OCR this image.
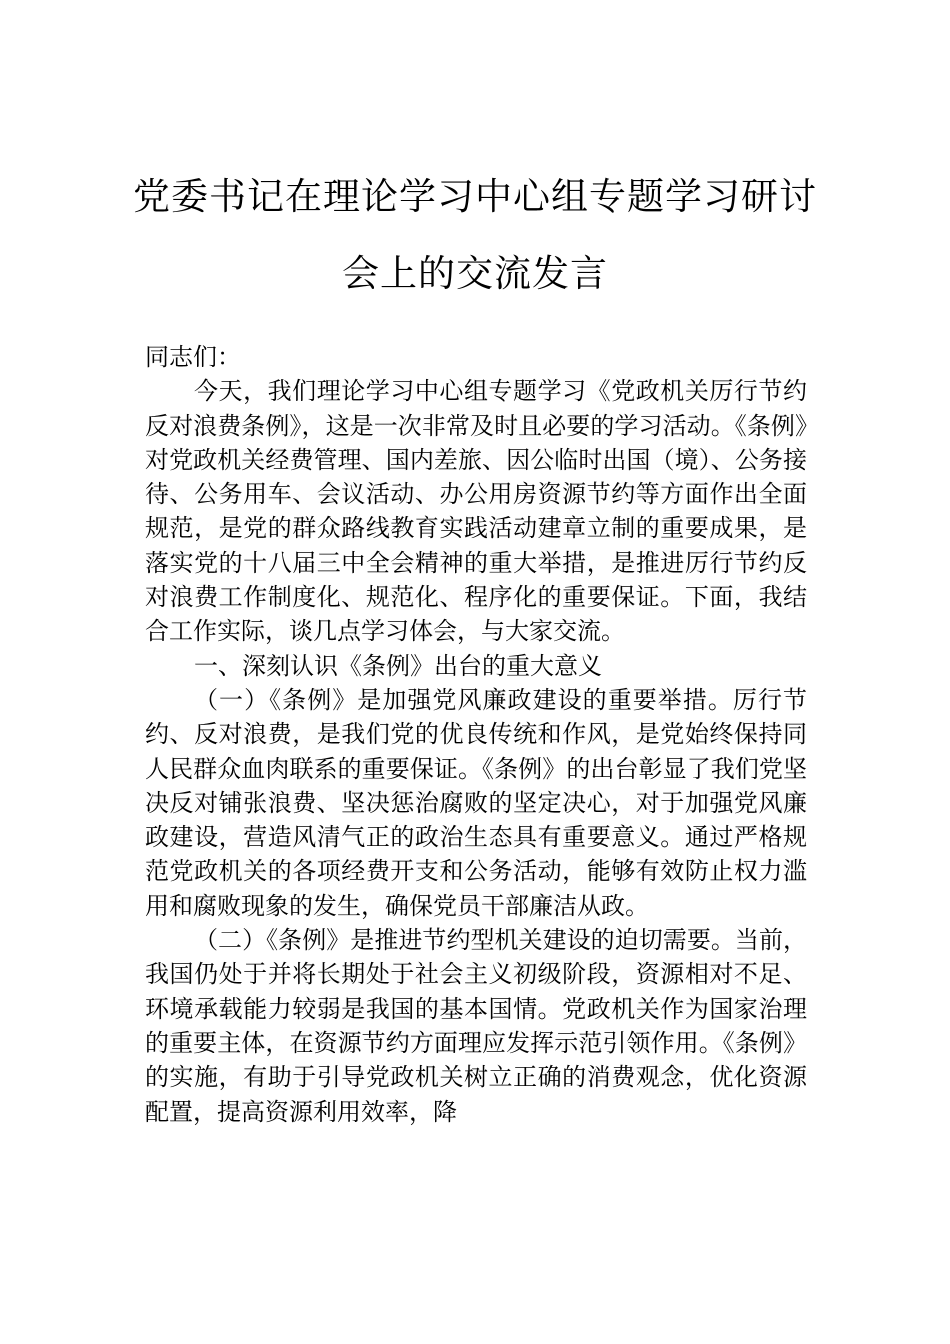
党委书记在理论学习中心组专题学习研讨
会上的交流发言

同志们：

今天，我们理论学习中心组专题学习《党政机关厉行节约反对浪费条例》，这是一次非常及时且必要的学习活动。《条例》对党政机关经费管理、国内差旅、因公临时出国（境）、公务接待、公务用车、会议活动、办公用房资源节约等方面作出全面规范，是党的群众路线教育实践活动建章立制的重要成果，是落实党的十八届三中全会精神的重大举措，是推进厉行节约反对浪费工作制度化、规范化、程序化的重要保证。下面，我结合工作实际，谈几点学习体会，与大家交流。

一、深刻认识《条例》出台的重大意义

（一）《条例》是加强党风廉政建设的重要举措。厉行节约、反对浪费，是我们党的优良传统和作风，是党始终保持同人民群众血肉联系的重要保证。《条例》的出台彰显了我们党坚决反对铺张浪费、坚决惩治腐败的坚定决心，对于加强党风廉政建设，营造风清气正的政治生态具有重要意义。通过严格规范党政机关的各项经费开支和公务活动，能够有效防止权力滥用和腐败现象的发生，确保党员干部廉洁从政。

（二）《条例》是推进节约型机关建设的迫切需要。当前，我国仍处于并将长期处于社会主义初级阶段，资源相对不足、环境承载能力较弱是我国的基本国情。党政机关作为国家治理的重要主体，在资源节约方面理应发挥示范引领作用。《条例》的实施，有助于引导党政机关树立正确的消费观念，优化资源配置，提高资源利用效率，降
